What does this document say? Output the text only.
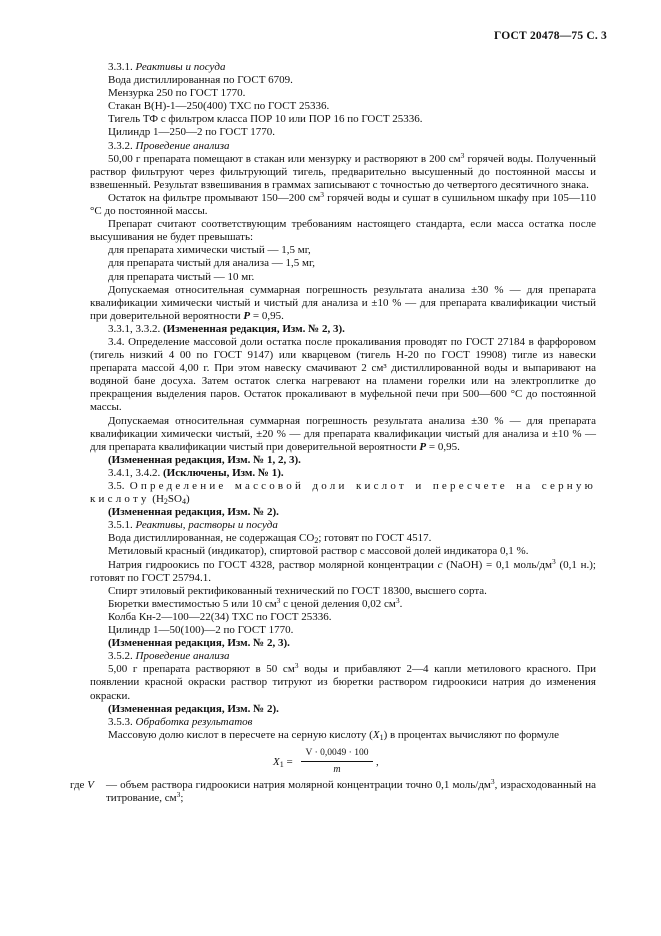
ГОСТ 20478—75 С. 3

3.3.1. Реактивы и посуда

Вода дистиллированная по ГОСТ 6709.

Мензурка 250 по ГОСТ 1770.

Стакан В(Н)-1—250(400) ТХС по ГОСТ 25336.

Тигель ТФ с фильтром класса ПОР 10 или ПОР 16 по ГОСТ 25336.

Цилиндр 1—250—2 по ГОСТ 1770.

3.3.2. Проведение анализа

50,00 г препарата помещают в стакан или мензурку и растворяют в 200 $см^3$ горячей воды. Полученный раствор фильтруют через фильтрующий тигель, предварительно высушенный до постоянной массы и взвешенный. Результат взвешивания в граммах записывают с точностью до четвертого десятичного знака.

Остаток на фильтре промывают 150—200 $см^3$ горячей воды и сушат в сушильном шкафу при 105—110 °С до постоянной массы.

Препарат считают соответствующим требованиям настоящего стандарта, если масса остатка после высушивания не будет превышать:

для препарата химически чистый — 1,5 мг,

для препарата чистый для анализа — 1,5 мг,

для препарата чистый — 10 мг.

Допускаемая относительная суммарная погрешность результата анализа ±30 % — для препарата квалификации химически чистый и чистый для анализа и ±10 % — для препарата квалификации чистый при доверительной вероятности Р = 0,95.

3.3.1, 3.3.2. (Измененная редакция, Изм. № 2, 3).

3.4. Определение массовой доли остатка после прокаливания проводят по ГОСТ 27184 в фарфоровом (тигель низкий 4 00 по ГОСТ 9147) или кварцевом (тигель Н-20 по ГОСТ 19908) тигле из навески препарата массой 4,00 г. При этом навеску смачивают 2 см³ дистиллированной воды и выпаривают на водяной бане досуха. Затем остаток слегка нагревают на пламени горелки или на электроплитке до прекращения выделения паров. Остаток прокаливают в муфельной печи при 500—600 °С до постоянной массы.

Допускаемая относительная суммарная погрешность результата анализа ±30 % — для препарата квалификации химически чистый, ±20 % — для препарата квалификации чистый для анализа и ±10 % — для препарата квалификации чистый при доверительной вероятности Р = 0,95.

(Измененная редакция, Изм. № 1, 2, 3).

3.4.1, 3.4.2. (Исключены, Изм. № 1).

3.5. Определение массовой доли кислот и пересчете на серную кислоту $(H_2SO_4)$

(Измененная редакция, Изм. № 2).

3.5.1. Реактивы, растворы и посуда

Вода дистиллированная, не содержащая $CO_2$; готовят по ГОСТ 4517.

Метиловый красный (индикатор), спиртовой раствор с массовой долей индикатора 0,1 %.

Натрия гидроокись по ГОСТ 4328, раствор молярной концентрации c (NaOH) = 0,1 моль/$дм^3$ (0,1 н.); готовят по ГОСТ 25794.1.

Спирт этиловый ректификованный технический по ГОСТ 18300, высшего сорта.

Бюретки вместимостью 5 или 10 $см^3$ с ценой деления 0,02 $см^3$.

Колба Кн-2—100—22(34) ТХС по ГОСТ 25336.

Цилиндр 1—50(100)—2 по ГОСТ 1770.

(Измененная редакция, Изм. № 2, 3).

3.5.2. Проведение анализа

5,00 г препарата растворяют в 50 $см^3$ воды и прибавляют 2—4 капли метилового красного. При появлении красной окраски раствор титруют из бюретки раствором гидроокиси натрия до изменения окраски.

(Измененная редакция, Изм. № 2).

3.5.3. Обработка результатов

Массовую долю кислот в пересчете на серную кислоту $(X_1)$ в процентах вычисляют по формуле

$X_1 = \frac{V \cdot 0,0049 \cdot 100}{m}$ ,
где V	— объем раствора гидроокиси натрия молярной концентрации точно 0,1 моль/$дм^3$, израсходованный на титрование, $см^3$;
